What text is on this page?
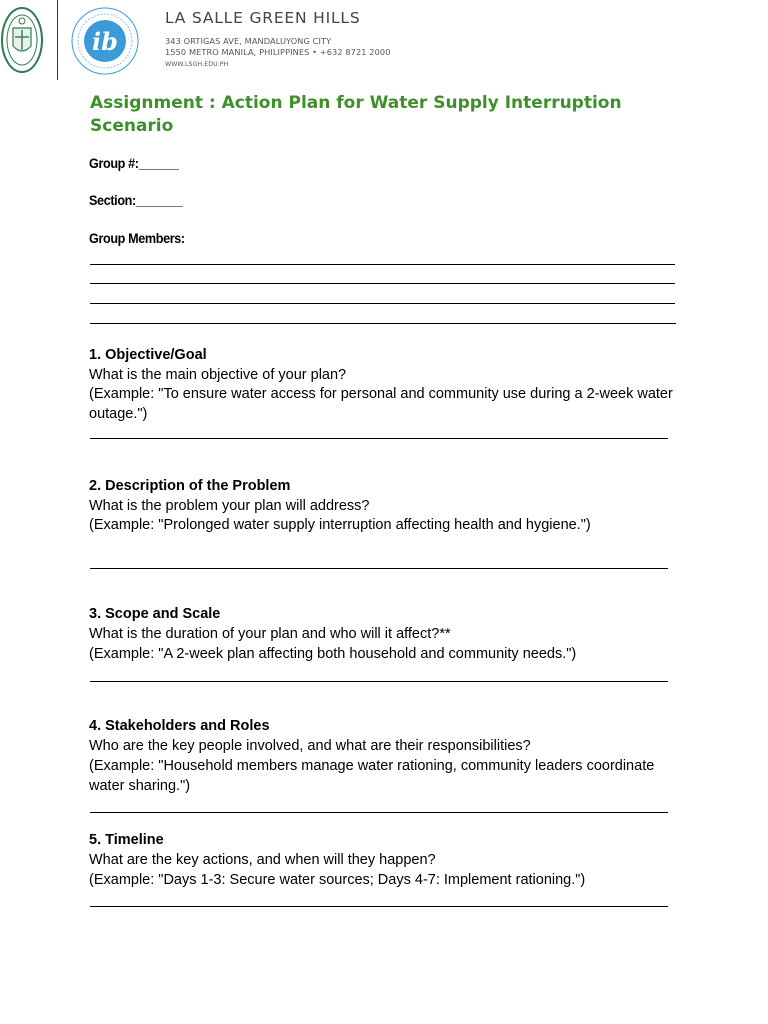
ib
LA SALLE GREEN HILLS
343 ORTIGAS AVE, MANDALUYONG CITY
1550 METRO MANILA, PHILIPPINES • +632 8721 2000
WWW.LSGH.EDU.PH
Assignment : Action Plan for Water Supply Interruption Scenario
Group #:______
Section:_______
Group Members:
1. Objective/Goal
What is the main objective of your plan?
(Example: "To ensure water access for personal and community use during a 2-week water outage.")
2. Description of the Problem
What is the problem your plan will address?
(Example: "Prolonged water supply interruption affecting health and hygiene.")
3. Scope and Scale
What is the duration of your plan and who will it affect?**
(Example: "A 2-week plan affecting both household and community needs.")
4. Stakeholders and Roles
Who are the key people involved, and what are their responsibilities?
(Example: "Household members manage water rationing, community leaders coordinate water sharing.")
5. Timeline
What are the key actions, and when will they happen?
(Example: "Days 1-3: Secure water sources; Days 4-7: Implement rationing.")
